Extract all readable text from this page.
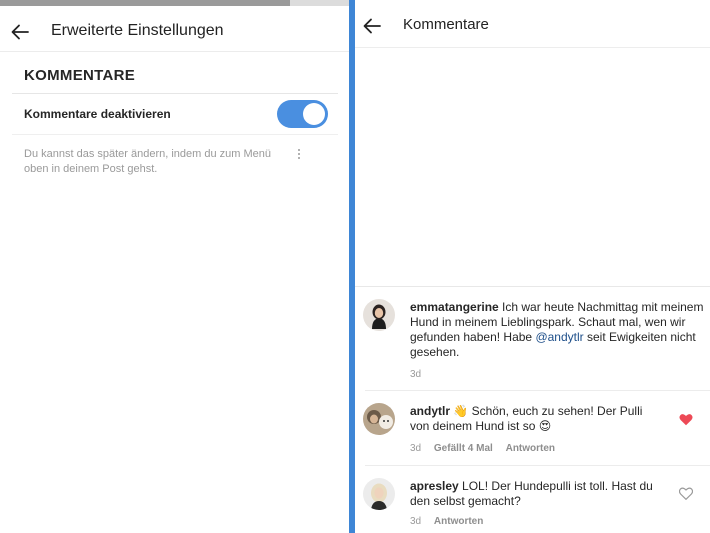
Erweiterte Einstellungen
KOMMENTARE
Kommentare deaktivieren
Du kannst das später ändern, indem du zum Menü
oben in deinem Post gehst.
Kommentare
emmatangerine Ich war heute Nachmittag mit meinem Hund in meinem Lieblingspark. Schaut mal, wen wir gefunden haben! Habe @andytlr seit Ewigkeiten nicht gesehen.
3d
andytlr 👋 Schön, euch zu sehen! Der Pulli von deinem Hund ist so 😍
3d Gefällt 4 Mal Antworten
apresley LOL! Der Hundepulli ist toll. Hast du den selbst gemacht?
3d Antworten
